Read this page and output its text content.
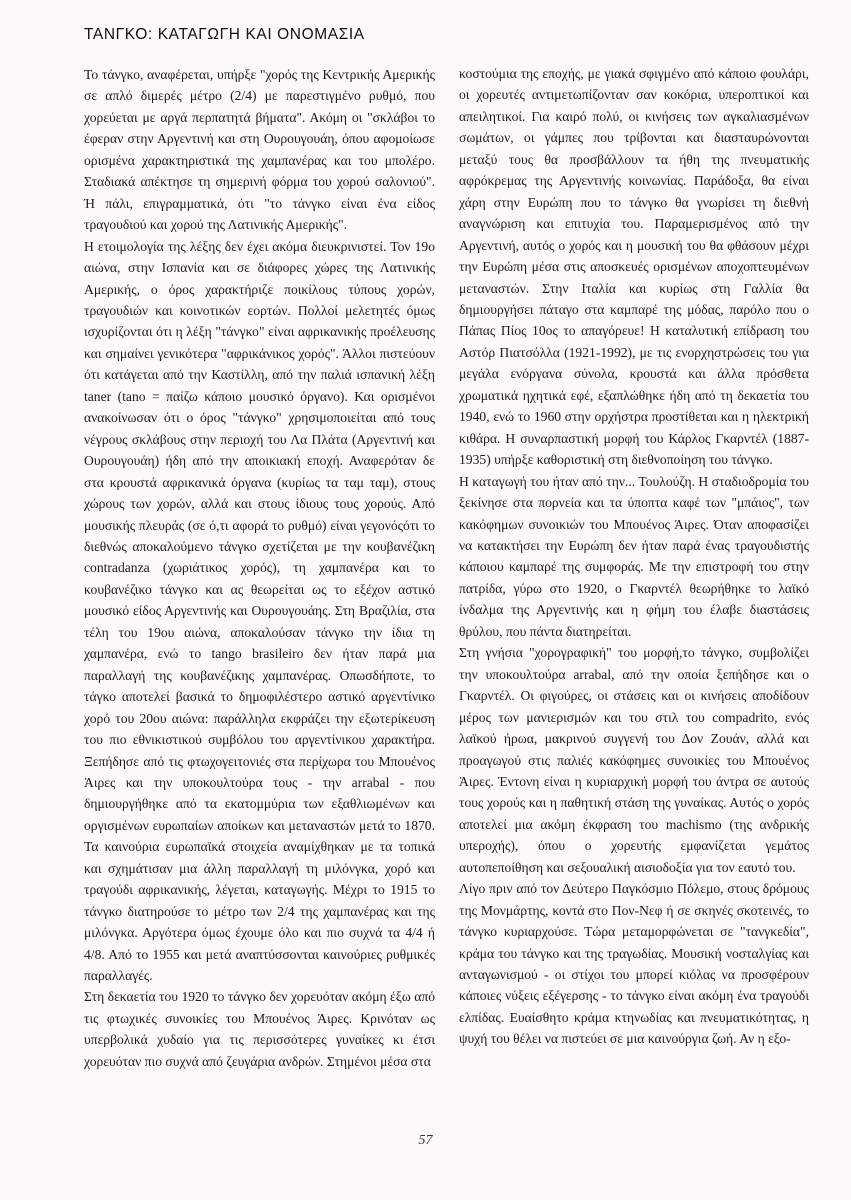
ΤΑΝΓΚΟ: ΚΑΤΑΓΩΓΗ ΚΑΙ ΟΝΟΜΑΣΙΑ

Το τάνγκο, αναφέρεται, υπήρξε "χορός της Κεντρικής Αμερικής σε απλό διμερές μέτρο (2/4) με παρεστιγμένο ρυθμό, που χορεύεται με αργά περπατητά βήματα". Ακόμη οι "σκλάβοι το έφεραν στην Αργεντινή και στη Ουρουγουάη, όπου αφομοίωσε ορισμένα χαρακτηριστικά της χαμπανέρας και του μπολέρο. Σταδιακά απέκτησε τη σημερινή φόρμα του χορού σαλονιού". Ή πάλι, επιγραμματικά, ότι "το τάνγκο είναι ένα είδος τραγουδιού και χορού της Λατινικής Αμερικής".

Η ετοιμολογία της λέξης δεν έχει ακόμα διευκρινιστεί. Τον 19ο αιώνα, στην Ισπανία και σε διάφορες χώρες της Λατινικής Αμερικής, ο όρος χαρακτήριζε ποικίλους τύπους χορών, τραγουδιών και κοινοτικών εορτών. Πολλοί μελετητές όμως ισχυρίζονται ότι η λέξη "τάνγκο" είναι αφρικανικής προέλευσης και σημαίνει γενικότερα "αφρικάνικος χορός". Άλλοι πιστεύουν ότι κατάγεται από την Καστίλλη, από την παλιά ισπανική λέξη taner (tano = παίζω κάποιο μουσικό όργανο). Και ορισμένοι ανακοίνωσαν ότι ο όρος "τάνγκο" χρησιμοποιείται από τους νέγρους σκλάβους στην περιοχή του Λα Πλάτα (Αργεντινή και Ουρουγουάη) ήδη από την αποικιακή εποχή. Αναφερόταν δε στα κρουστά αφρικανικά όργανα (κυρίως τα ταμ ταμ), στους χώρους των χορών, αλλά και στους ίδιους τους χορούς. Από μουσικής πλευράς (σε ό,τι αφορά το ρυθμό) είναι γεγονόςότι το διεθνώς αποκαλούμενο τάνγκο σχετίζεται με την κουβανέζικη contradanza (χωριάτικος χορός), τη χαμπανέρα και το κουβανέζικο τάνγκο και ας θεωρείται ως το εξέχον αστικό μουσικό είδος Αργεντινής και Ουρουγουάης. Στη Βραζιλία, στα τέλη του 19ου αιώνα, αποκαλούσαν τάνγκο την ίδια τη χαμπανέρα, ενώ το tango brasileiro δεν ήταν παρά μια παραλλαγή της κουβανέζικης χαμπανέρας. Οπωσδήποτε, το τάγκο αποτελεί βασικά το δημοφιλέστερο αστικό αργεντίνικο χορό του 20ου αιώνα: παράλληλα εκφράζει την εξωτερίκευση του πιο εθνικιστικού συμβόλου του αργεντίνικου χαρακτήρα. Ξεπήδησε από τις φτωχογειτονιές στα περίχωρα του Μπουένος Άιρες και την υποκουλτούρα τους - την arrabal - που δημιουργήθηκε από τα εκατομμύρια των εξαθλιωμένων και οργισμένων ευρωπαίων αποίκων και μεταναστών μετά το 1870. Τα καινούρια ευρωπαϊκά στοιχεία αναμίχθηκαν με τα τοπικά και σχημάτισαν μια άλλη παραλλαγή τη μιλόνγκα, χορό και τραγούδι αφρικανικής, λέγεται, καταγωγής. Μέχρι το 1915 το τάνγκο διατηρούσε το μέτρο των 2/4 της χαμπανέρας και της μιλόνγκα. Αργότερα όμως έχουμε όλο και πιο συχνά τα 4/4 ή 4/8. Από το 1955 και μετά αναπτύσσονται καινούριες ρυθμικές παραλλαγές.

Στη δεκαετία του 1920 το τάνγκο δεν χορευόταν ακόμη έξω από τις φτωχικές συνοικίες του Μπουένος Άιρες. Κρινόταν ως υπερβολικά χυδαίο για τις περισσότερες γυναίκες κι έτσι χορευόταν πιο συχνά από ζευγάρια ανδρών. Στημένοι μέσα στα

κοστούμια της εποχής, με γιακά σφιγμένο από κάποιο φουλάρι, οι χορευτές αντιμετωπίζονταν σαν κοκόρια, υπεροπτικοί και απειλητικοί. Για καιρό πολύ, οι κινήσεις των αγκαλιασμένων σωμάτων, οι γάμπες που τρίβονται και διασταυρώνονται μεταξύ τους θα προσβάλλουν τα ήθη της πνευματικής αφρόκρεμας της Αργεντινής κοινωνίας. Παράδοξα, θα είναι χάρη στην Ευρώπη που το τάνγκο θα γνωρίσει τη διεθνή αναγνώριση και επιτυχία του. Παραμερισμένος από την Αργεντινή, αυτός ο χορός και η μουσική του θα φθάσουν μέχρι την Ευρώπη μέσα στις αποσκευές ορισμένων αποχοπτευμένων μεταναστών. Στην Ιταλία και κυρίως στη Γαλλία θα δημιουργήσει πάταγο στα καμπαρέ της μόδας, παρόλο που ο Πάπας Πίος 10ος το απαγόρευε! Η καταλυτική επίδραση του Αστόρ Πιατσόλλα (1921-1992), με τις ενορχηστρώσεις του για μεγάλα ενόργανα σύνολα, κρουστά και άλλα πρόσθετα χρωματικά ηχητικά εφέ, εξαπλώθηκε ήδη από τη δεκαετία του 1940, ενώ το 1960 στην ορχήστρα προστίθεται και η ηλεκτρική κιθάρα. Η συναρπαστική μορφή του Κάρλος Γκαρντέλ (1887-1935) υπήρξε καθοριστική στη διεθνοποίηση του τάνγκο.

Η καταγωγή του ήταν από την... Τουλούζη. Η σταδιοδρομία του ξεκίνησε στα πορνεία και τα ύποπτα καφέ των "μπάιος", των κακόφημων συνοικιών του Μπουένος Άιρες. Όταν αποφασίζει να κατακτήσει την Ευρώπη δεν ήταν παρά ένας τραγουδιστής κάποιου καμπαρέ της συμφοράς. Με την επιστροφή του στην πατρίδα, γύρω στο 1920, ο Γκαρντέλ θεωρήθηκε το λαϊκό ίνδαλμα της Αργεντινής και η φήμη του έλαβε διαστάσεις θρύλου, που πάντα διατηρείται.

Στη γνήσια "χορογραφική" του μορφή,το τάνγκο, συμβολίζει την υποκουλτούρα arrabal, από την οποία ξεπήδησε και ο Γκαρντέλ. Οι φιγούρες, οι στάσεις και οι κινήσεις αποδίδουν μέρος των μανιερισμών και του στιλ του compadrito, ενός λαϊκού ήρωα, μακρινού συγγενή του Δον Ζουάν, αλλά και προαγωγού στις παλιές κακόφημες συνοικίες του Μπουένος Άιρες. Έντονη είναι η κυριαρχική μορφή του άντρα σε αυτούς τους χορούς και η παθητική στάση της γυναίκας. Αυτός ο χορός αποτελεί μια ακόμη έκφραση του machismo (της ανδρικής υπεροχής), όπου ο χορευτής εμφανίζεται γεμάτος αυτοπεποίθηση και σεξουαλική αισιοδοξία για τον εαυτό του.

Λίγο πριν από τον Δεύτερο Παγκόσμιο Πόλεμο, στους δρόμους της Μονμάρτης, κοντά στο Πον-Νεφ ή σε σκηνές σκοτεινές, το τάνγκο κυριαρχούσε. Τώρα μεταμορφώνεται σε "τανγκεδία", κράμα του τάνγκο και της τραγωδίας. Μουσική νοσταλγίας και ανταγωνισμού - οι στίχοι του μπορεί κιόλας να προσφέρουν κάποιες νύξεις εξέγερσης - το τάνγκο είναι ακόμη ένα τραγούδι ελπίδας. Ευαίσθητο κράμα κτηνωδίας και πνευματικότητας, η ψυχή του θέλει να πιστεύει σε μια καινούργια ζωή. Αν η εξο-

57
